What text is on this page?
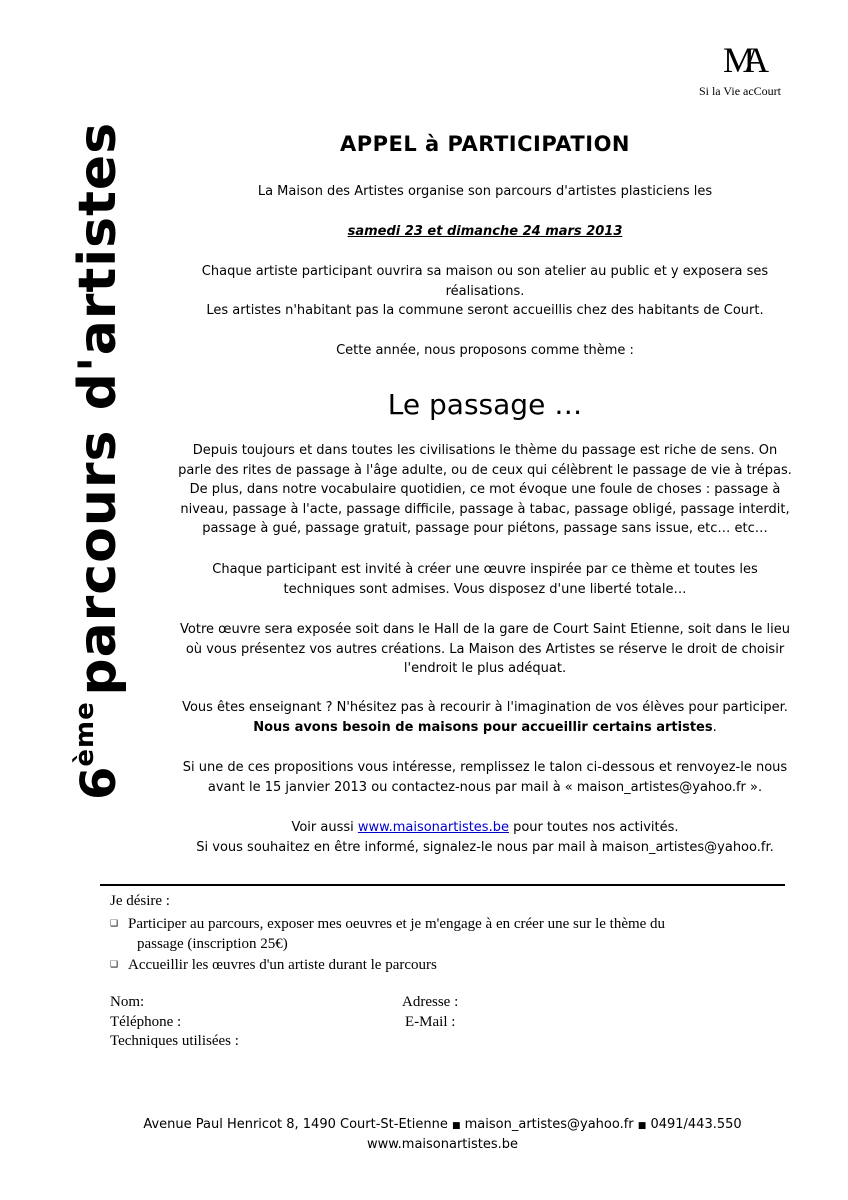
6ème parcours d'artistes
MA
Si la Vie acCourt
APPEL à PARTICIPATION
La Maison des Artistes organise son parcours d'artistes plasticiens les
samedi 23 et dimanche 24 mars 2013
Chaque artiste participant ouvrira sa maison ou son atelier au public et y exposera ses
réalisations.
Les artistes n'habitant pas la commune seront accueillis chez des habitants de Court.
Cette année, nous proposons comme thème :
Le passage …
Depuis toujours et dans toutes les civilisations le thème du passage est riche de sens. On
parle des rites de passage à l'âge adulte, ou de ceux qui célèbrent le passage de vie à trépas.
De plus, dans notre vocabulaire quotidien, ce mot évoque une foule de choses : passage à
niveau, passage à l'acte, passage difficile, passage à tabac, passage obligé, passage interdit,
passage à gué, passage gratuit, passage pour piétons, passage sans issue, etc… etc…
Chaque participant est invité à créer une œuvre inspirée par ce thème et toutes les
techniques sont admises. Vous disposez d'une liberté totale…
Votre œuvre sera exposée soit dans le Hall de la gare de Court Saint Etienne, soit dans le lieu
où vous présentez vos autres créations. La Maison des Artistes se réserve le droit de choisir
l'endroit le plus adéquat.
Vous êtes enseignant ? N'hésitez pas à recourir à l'imagination de vos élèves pour participer.
Nous avons besoin de maisons pour accueillir certains artistes.
Si une de ces propositions vous intéresse, remplissez le talon ci-dessous et renvoyez-le nous
avant le 15 janvier 2013 ou contactez-nous par mail à « maison_artistes@yahoo.fr ».
Voir aussi www.maisonartistes.be pour toutes nos activités.
Si vous souhaitez en être informé, signalez-le nous par mail à maison_artistes@yahoo.fr.
Je désire :
❑ Participer au parcours, exposer mes oeuvres et je m'engage à en créer une sur le thème du
passage (inscription 25€)
❑ Accueillir les œuvres d'un artiste durant le parcours
Nom:	Adresse :
Téléphone :	E-Mail :
Techniques utilisées :
Avenue Paul Henricot 8, 1490 Court-St-Etienne ■ maison_artistes@yahoo.fr ■ 0491/443.550
www.maisonartistes.be
